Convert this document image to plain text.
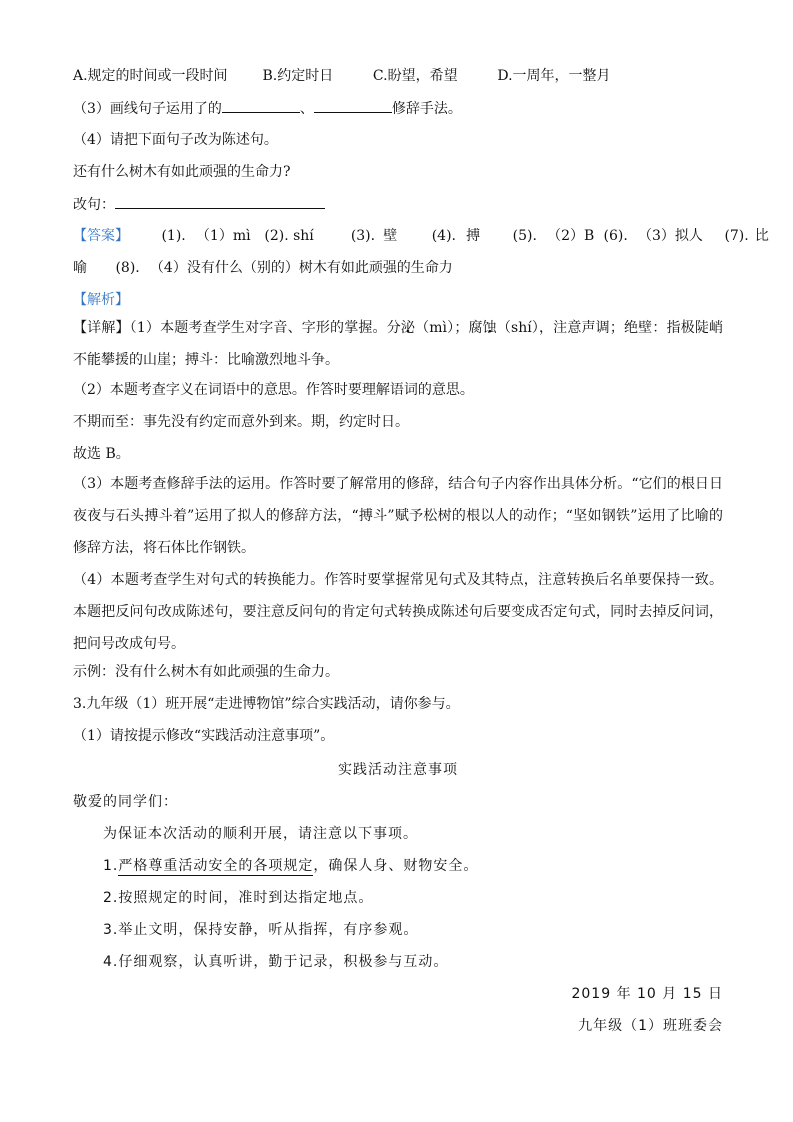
A.规定的时间或一段时间 B.约定时日	C.盼望，希望	D.一周年，一整月
（3）画线句子运用了的	、	修辞手法。
（4）请把下面句子改为陈述句。
还有什么树木有如此顽强的生命力?
改句：
【答案】 (1). （1）mì (2). shí	(3). 壁 (4). 搏 (5). （2）B (6). （3）拟人 (7). 比
喻 (8). （4）没有什么（别的）树木有如此顽强的生命力
【解析】
【详解】（1）本题考查学生对字音、字形的掌握。分泌（mì）；腐蚀（shí），注意声调；绝壁：指极陡峭不能攀援的山崖；搏斗：比喻激烈地斗争。
（2）本题考查字义在词语中的意思。作答时要理解语词的意思。
不期而至：事先没有约定而意外到来。期，约定时日。
故选 B。
（3）本题考查修辞手法的运用。作答时要了解常用的修辞，结合句子内容作出具体分析。“它们的根日日夜夜与石头搏斗着”运用了拟人的修辞方法，“搏斗”赋予松树的根以人的动作；“坚如钢铁”运用了比喻的修辞方法，将石体比作钢铁。
（4）本题考查学生对句式的转换能力。作答时要掌握常见句式及其特点，注意转换后名单要保持一致。本题把反问句改成陈述句，要注意反问句的肯定句式转换成陈述句后要变成否定句式，同时去掉反问词，把问号改成句号。
示例：没有什么树木有如此顽强的生命力。
3.九年级（1）班开展“走进博物馆”综合实践活动，请你参与。
（1）请按提示修改“实践活动注意事项”。
实践活动注意事项
敬爱的同学们：
为保证本次活动的顺利开展，请注意以下事项。
1.严格尊重活动安全的各项规定，确保人身、财物安全。
2.按照规定的时间，准时到达指定地点。
3.举止文明，保持安静，听从指挥，有序参观。
4.仔细观察，认真听讲，勤于记录，积极参与互动。
2019 年 10 月 15 日
九年级（1）班班委会
